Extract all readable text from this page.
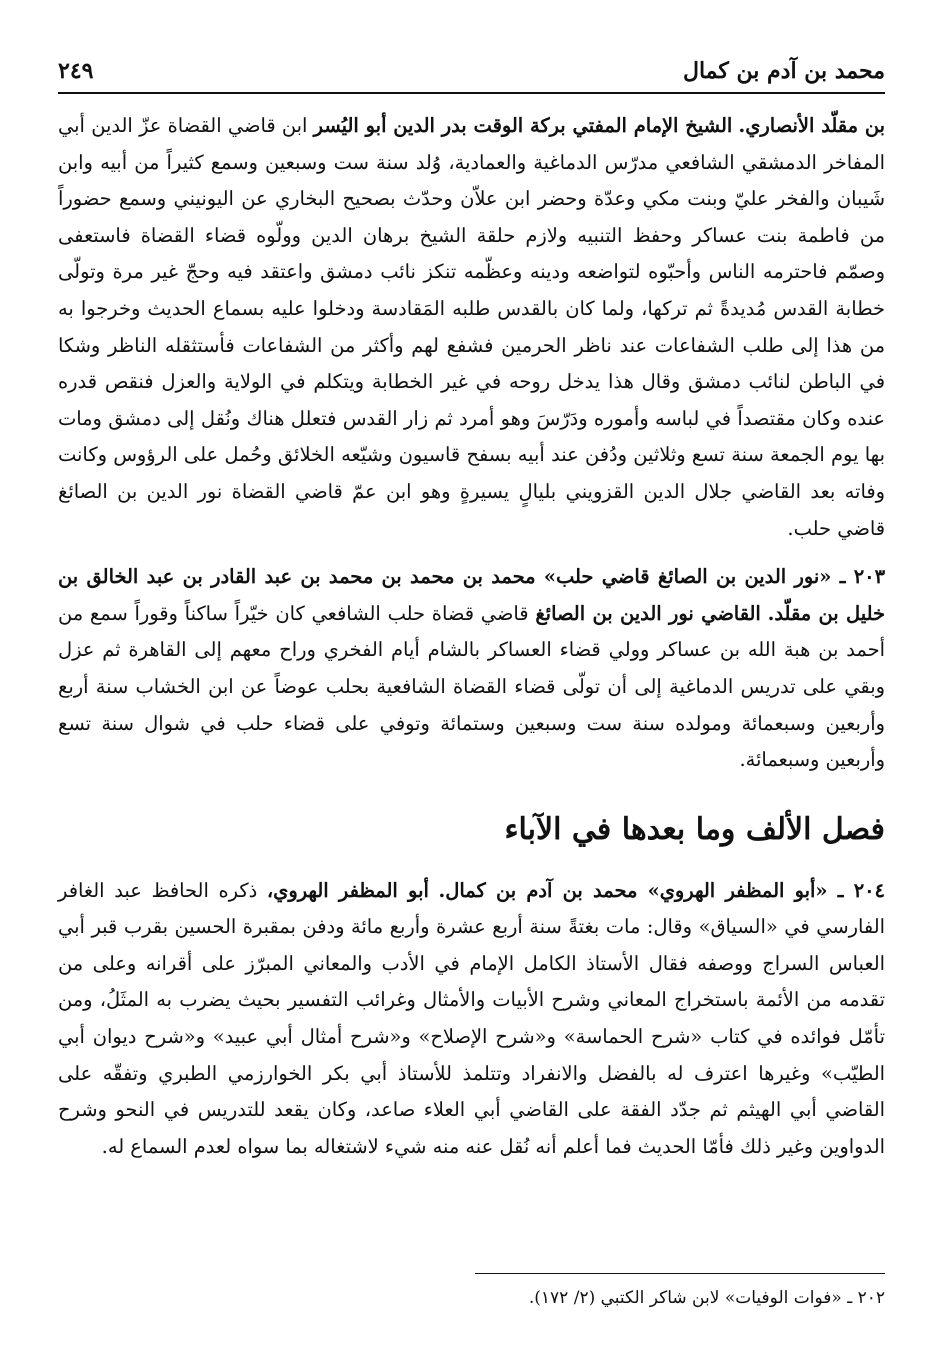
محمد بن آدم بن كمال
٢٤٩

بن مقلّد الأنصاري. الشيخ الإمام المفتي بركة الوقت بدر الدين أبو اليُسر ابن قاضي القضاة عزّ الدين أبي المفاخر الدمشقي الشافعي مدرّس الدماغية والعمادية، وُلد سنة ست وسبعين وسمع كثيراً من أبيه وابن شَيبان والفخر عليّ وبنت مكي وعدّة وحضر ابن علاّن وحدّث بصحيح البخاري عن اليونيني وسمع حضوراً من فاطمة بنت عساكر وحفظ التنبيه ولازم حلقة الشيخ برهان الدين وولّوه قضاء القضاة فاستعفى وصمّم فاحترمه الناس وأحبّوه لتواضعه ودينه وعظّمه تنكز نائب دمشق واعتقد فيه وحجّ غير مرة وتولّى خطابة القدس مُديدةً ثم تركها، ولما كان بالقدس طلبه المَقادسة ودخلوا عليه بسماع الحديث وخرجوا به من هذا إلى طلب الشفاعات عند ناظر الحرمين فشفع لهم وأكثر من الشفاعات فأستثقله الناظر وشكا في الباطن لنائب دمشق وقال هذا يدخل روحه في غير الخطابة ويتكلم في الولاية والعزل فنقص قدره عنده وكان مقتصداً في لباسه وأموره ودَرّسَ وهو أمرد ثم زار القدس فتعلل هناك ونُقل إلى دمشق ومات بها يوم الجمعة سنة تسع وثلاثين ودُفن عند أبيه بسفح قاسيون وشيّعه الخلائق وحُمل على الرؤوس وكانت وفاته بعد القاضي جلال الدين القزويني بليالٍ يسيرةٍ وهو ابن عمّ قاضي القضاة نور الدين بن الصائغ قاضي حلب.

٢٠٣ ـ «نور الدين بن الصائغ قاضي حلب» محمد بن محمد بن محمد بن عبد القادر بن عبد الخالق بن خليل بن مقلّد. القاضي نور الدين بن الصائغ قاضي قضاة حلب الشافعي كان خيّراً ساكناً وقوراً سمع من أحمد بن هبة الله بن عساكر وولي قضاء العساكر بالشام أيام الفخري وراح معهم إلى القاهرة ثم عزل وبقي على تدريس الدماغية إلى أن تولّى قضاء القضاة الشافعية بحلب عوضاً عن ابن الخشاب سنة أربع وأربعين وسبعمائة ومولده سنة ست وسبعين وستمائة وتوفي على قضاء حلب في شوال سنة تسع وأربعين وسبعمائة.

فصل الألف وما بعدها في الآباء

٢٠٤ ـ «أبو المظفر الهروي» محمد بن آدم بن كمال. أبو المظفر الهروي، ذكره الحافظ عبد الغافر الفارسي في «السياق» وقال: مات بغتةً سنة أربع عشرة وأربع مائة ودفن بمقبرة الحسين بقرب قبر أبي العباس السراج ووصفه فقال الأستاذ الكامل الإمام في الأدب والمعاني المبرّز على أقرانه وعلى من تقدمه من الأئمة باستخراج المعاني وشرح الأبيات والأمثال وغرائب التفسير بحيث يضرب به المثَلُ، ومن تأمّل فوائده في كتاب «شرح الحماسة» و«شرح الإصلاح» و«شرح أمثال أبي عبيد» و«شرح ديوان أبي الطيّب» وغيرها اعترف له بالفضل والانفراد وتتلمذ للأستاذ أبي بكر الخوارزمي الطبري وتفقّه على القاضي أبي الهيثم ثم جدّد الفقة على القاضي أبي العلاء صاعد، وكان يقعد للتدريس في النحو وشرح الدواوين وغير ذلك فأمّا الحديث فما أعلم أنه نُقل عنه منه شيء لاشتغاله بما سواه لعدم السماع له.

٢٠٢ ـ «فوات الوفيات» لابن شاكر الكتبي (٢/ ١٧٢).
